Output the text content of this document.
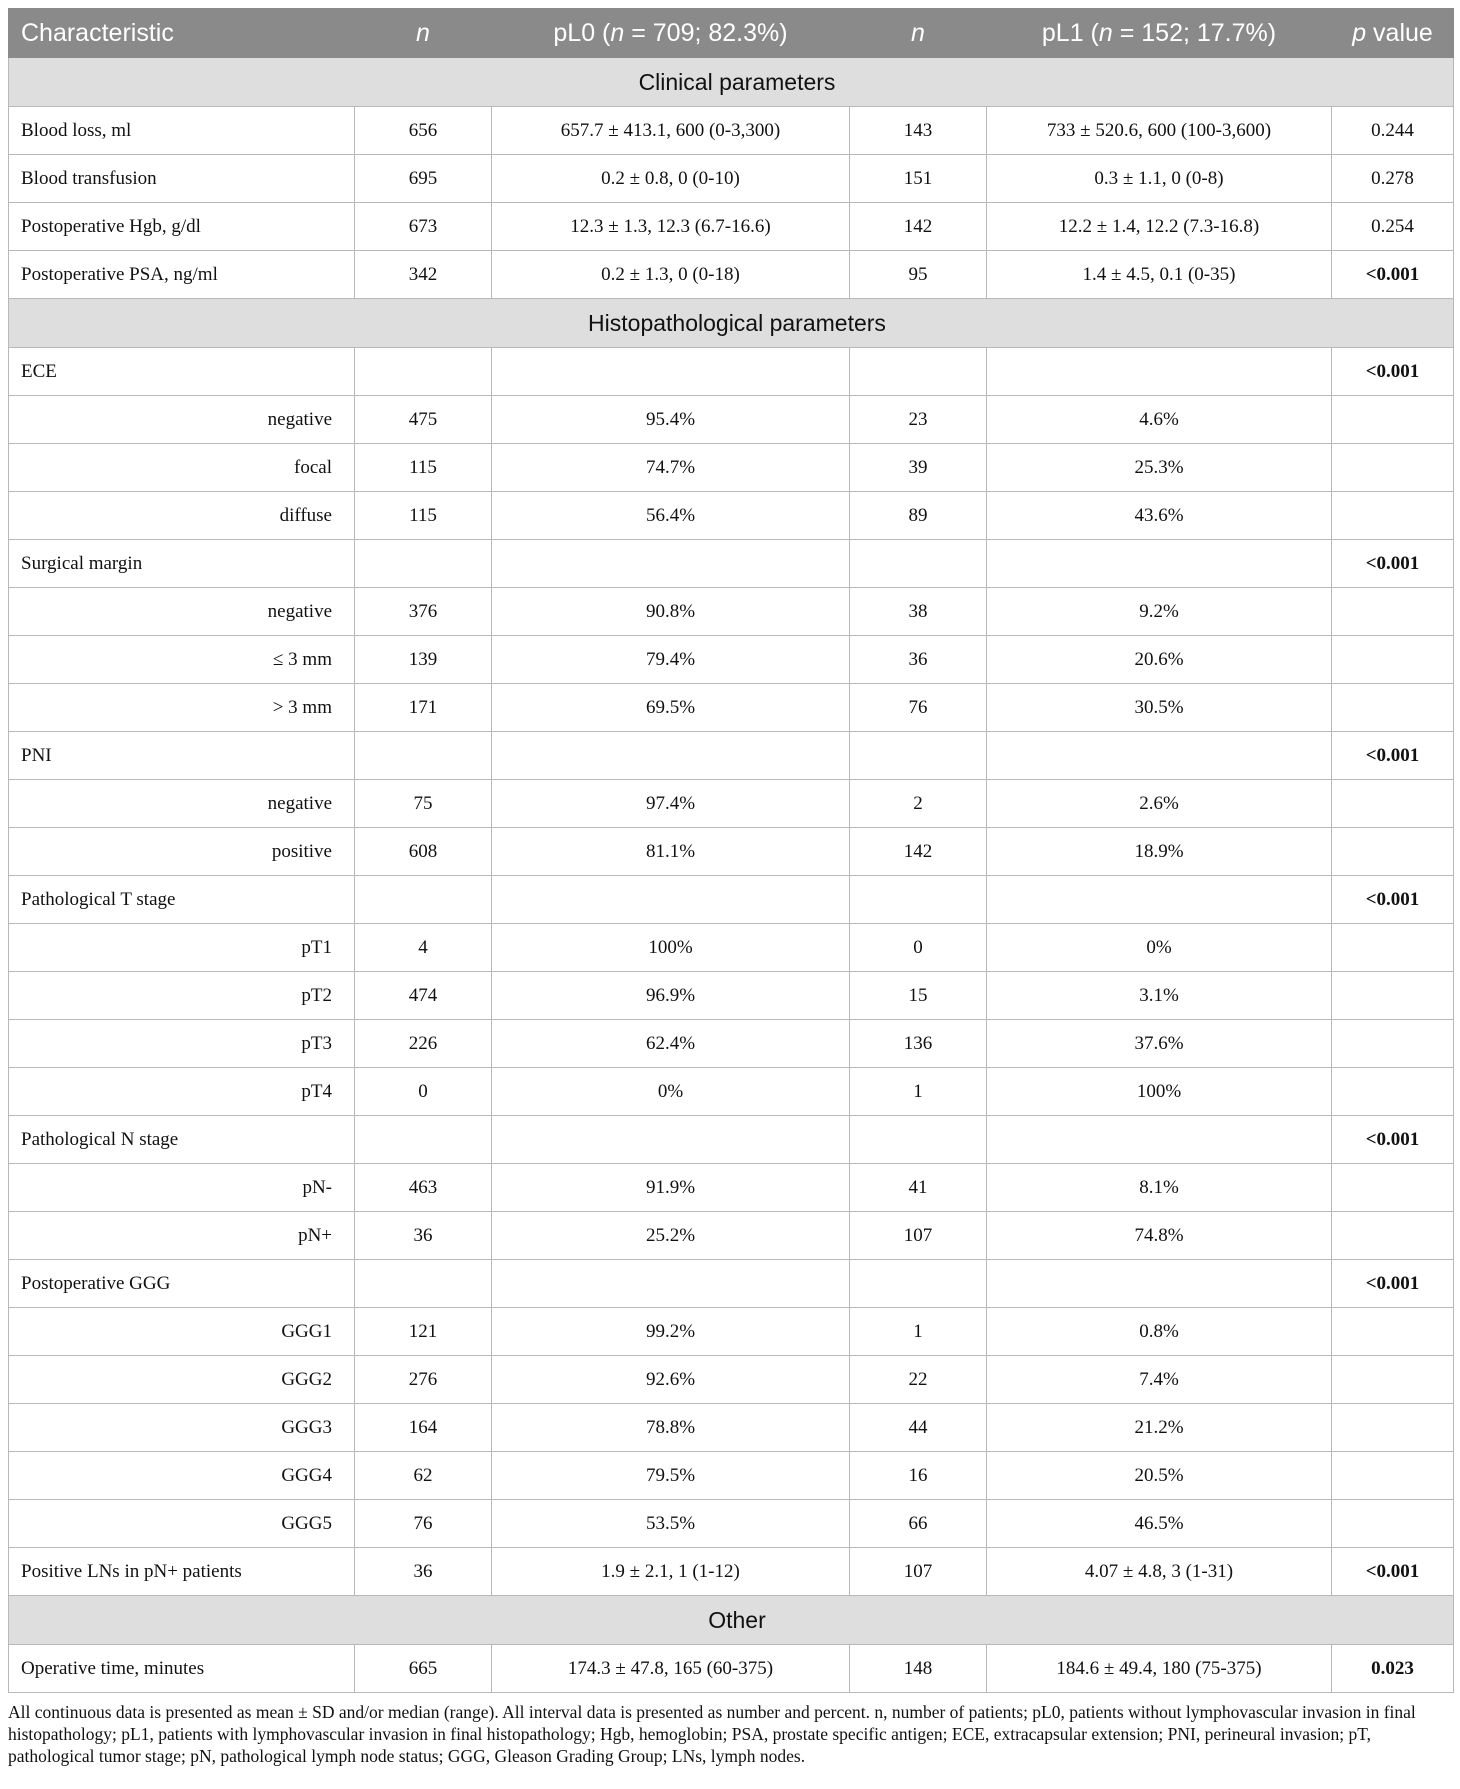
Characteristic	n	pL0 (n = 709; 82.3%)	n	pL1 (n = 152; 17.7%)	p value
Clinical parameters					
Blood loss, ml	656	657.7 ± 413.1, 600 (0-3,300)	143	733 ± 520.6, 600 (100-3,600)	0.244
Blood transfusion	695	0.2 ± 0.8, 0 (0-10)	151	0.3 ± 1.1, 0 (0-8)	0.278
Postoperative Hgb, g/dl	673	12.3 ± 1.3, 12.3 (6.7-16.6)	142	12.2 ± 1.4, 12.2 (7.3-16.8)	0.254
Postoperative PSA, ng/ml	342	0.2 ± 1.3, 0 (0-18)	95	1.4 ± 4.5, 0.1 (0-35)	<0.001
Histopathological parameters					
ECE					<0.001
negative	475	95.4%	23	4.6%	
focal	115	74.7%	39	25.3%	
diffuse	115	56.4%	89	43.6%	
Surgical margin					<0.001
negative	376	90.8%	38	9.2%	
≤ 3 mm	139	79.4%	36	20.6%	
> 3 mm	171	69.5%	76	30.5%	
PNI					<0.001
negative	75	97.4%	2	2.6%	
positive	608	81.1%	142	18.9%	
Pathological T stage					<0.001
pT1	4	100%	0	0%	
pT2	474	96.9%	15	3.1%	
pT3	226	62.4%	136	37.6%	
pT4	0	0%	1	100%	
Pathological N stage					<0.001
pN-	463	91.9%	41	8.1%	
pN+	36	25.2%	107	74.8%	
Postoperative GGG					<0.001
GGG1	121	99.2%	1	0.8%	
GGG2	276	92.6%	22	7.4%	
GGG3	164	78.8%	44	21.2%	
GGG4	62	79.5%	16	20.5%	
GGG5	76	53.5%	66	46.5%	
Positive LNs in pN+ patients	36	1.9 ± 2.1, 1 (1-12)	107	4.07 ± 4.8, 3 (1-31)	<0.001
Other					
Operative time, minutes	665	174.3 ± 47.8, 165 (60-375)	148	184.6 ± 49.4, 180 (75-375)	0.023
All continuous data is presented as mean ± SD and/or median (range). All interval data is presented as number and percent. n, number of patients; pL0, patients without lymphovascular invasion in final histopathology; pL1, patients with lymphovascular invasion in final histopathology; Hgb, hemoglobin; PSA, prostate specific antigen; ECE, extracapsular extension; PNI, perineural invasion; pT, pathological tumor stage; pN, pathological lymph node status; GGG, Gleason Grading Group; LNs, lymph nodes.
